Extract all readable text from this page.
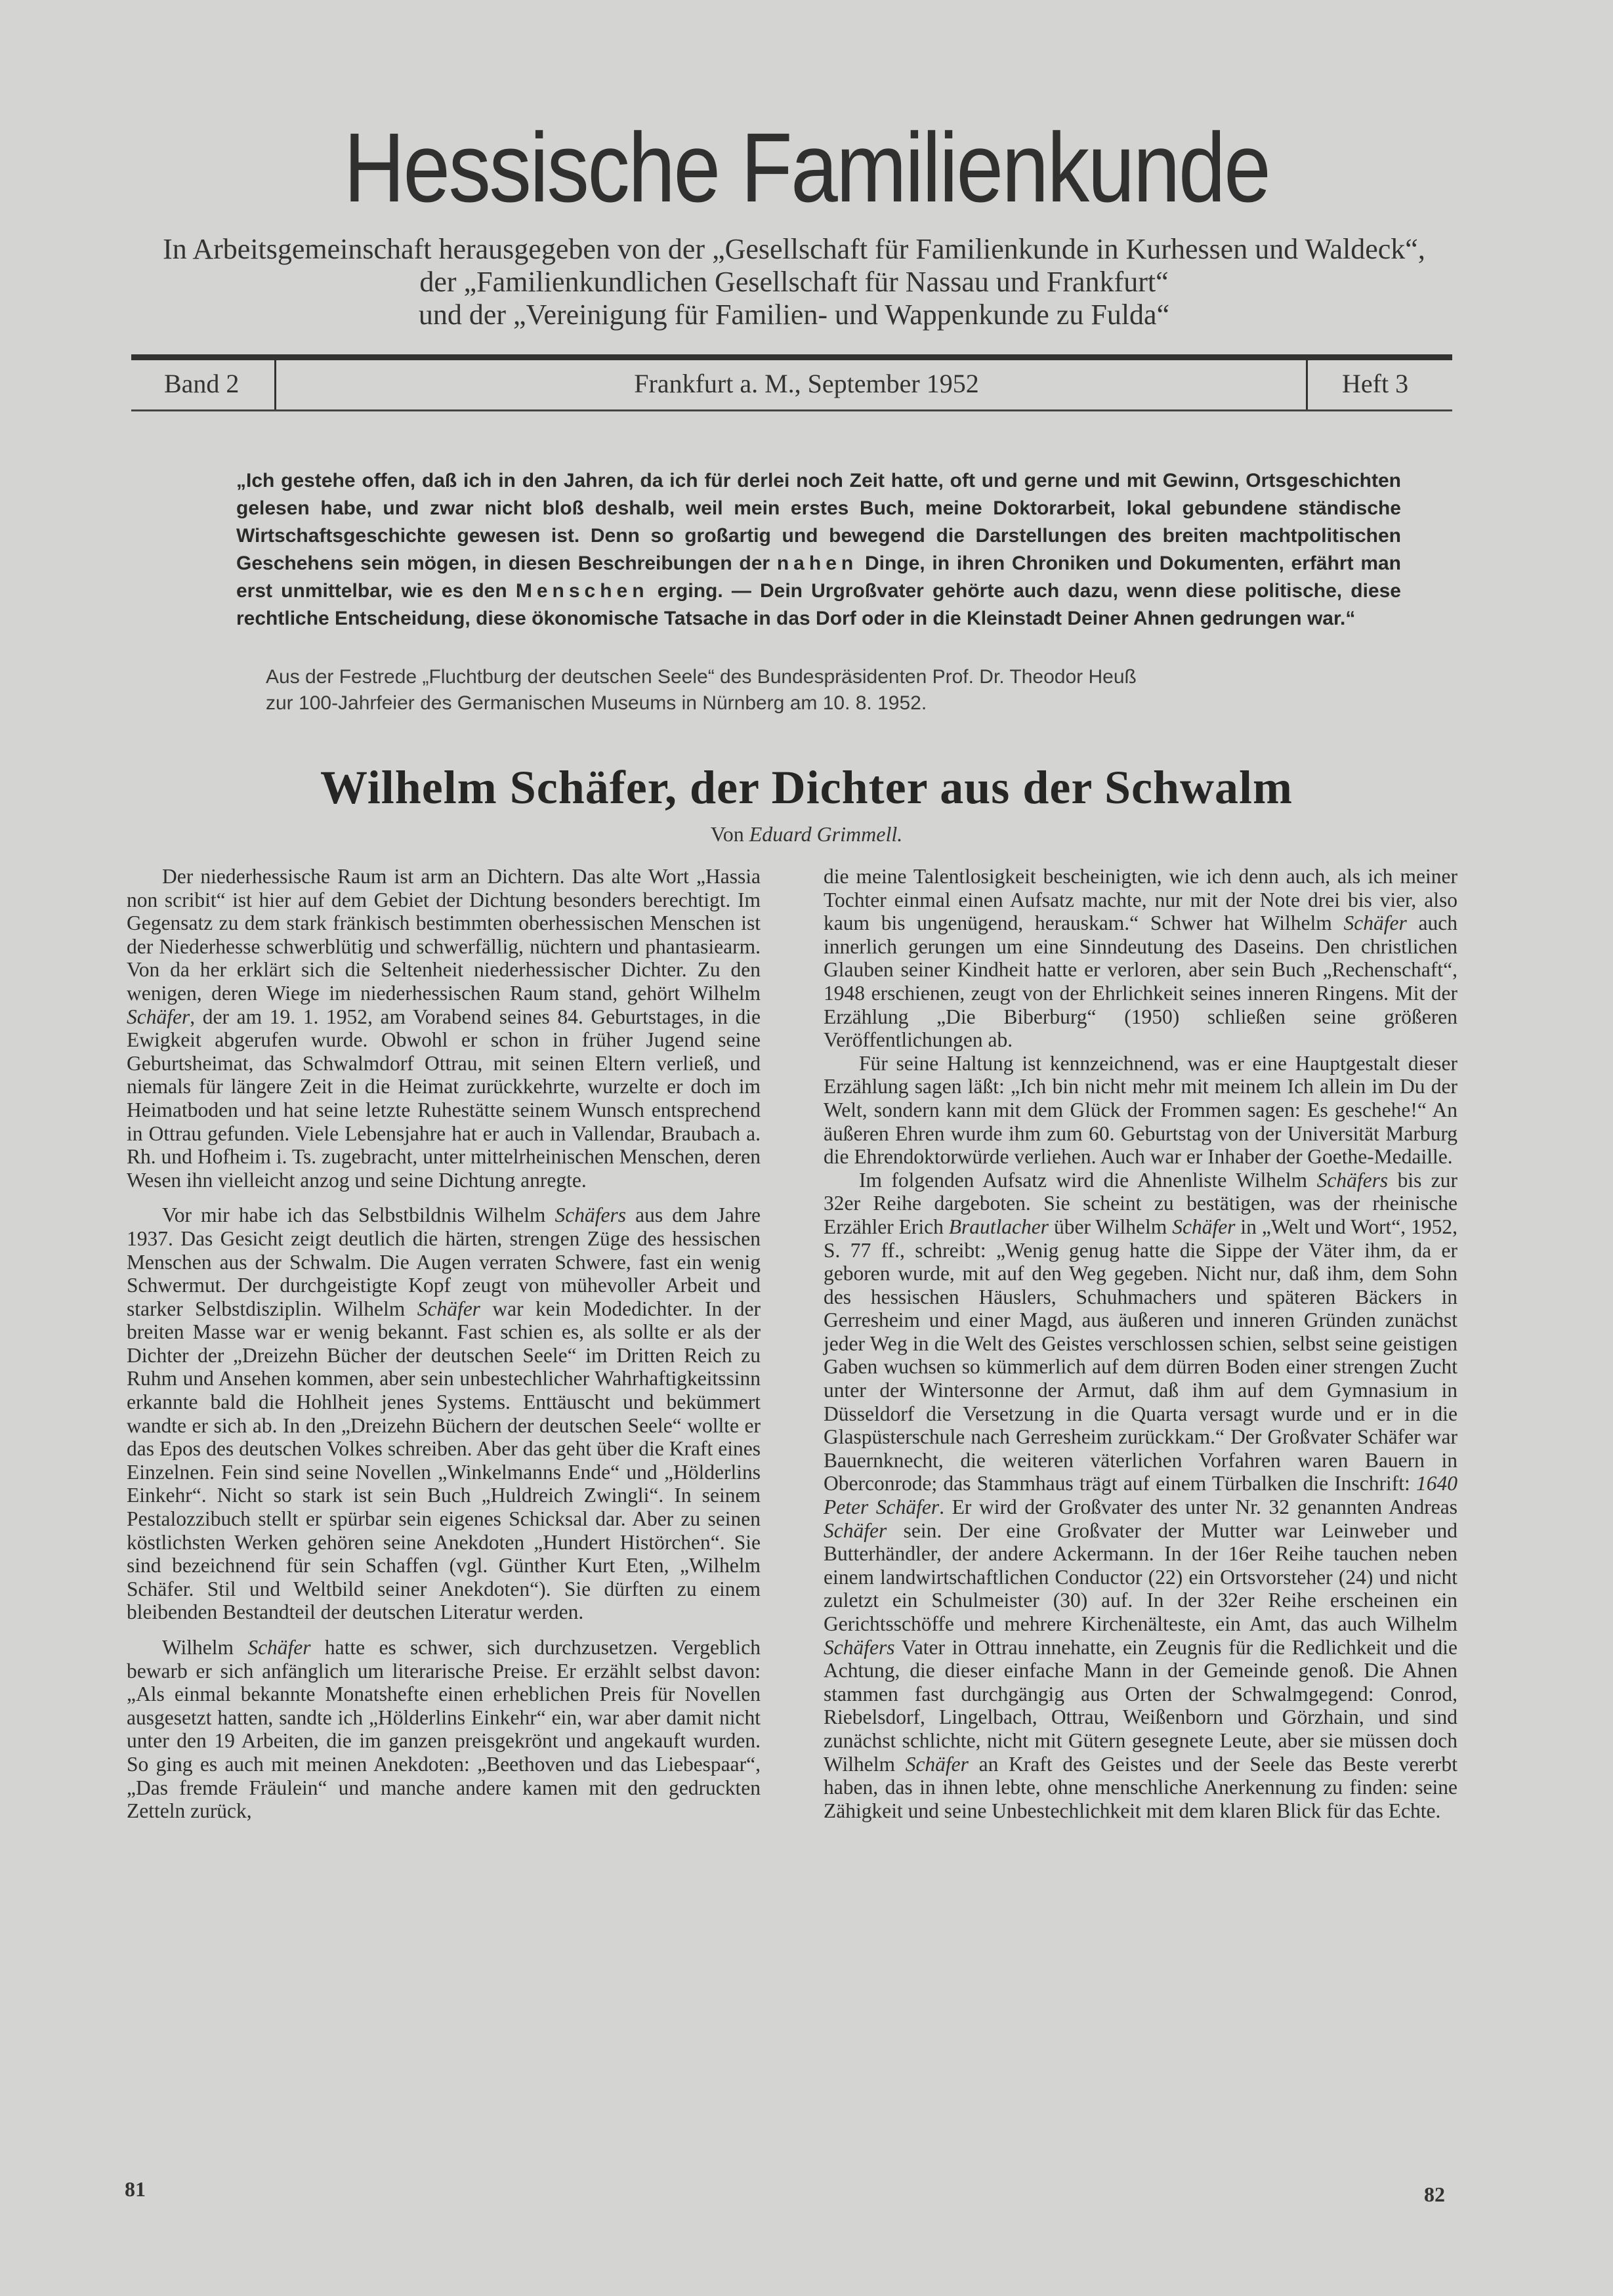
Hessische Familienkunde
In Arbeitsgemeinschaft herausgegeben von der „Gesellschaft für Familienkunde in Kurhessen und Waldeck“,
der „Familienkundlichen Gesellschaft für Nassau und Frankfurt“
und der „Vereinigung für Familien- und Wappenkunde zu Fulda“
Band 2	Frankfurt a. M., September 1952	Heft 3
„Ich gestehe offen, daß ich in den Jahren, da ich für derlei noch Zeit hatte, oft und gerne und mit Gewinn, Ortsgeschichten gelesen habe, und zwar nicht bloß deshalb, weil mein erstes Buch, meine Doktorarbeit, lokal gebundene ständische Wirtschaftsgeschichte gewesen ist. Denn so großartig und bewegend die Darstellungen des breiten machtpolitischen Geschehens sein mögen, in diesen Beschreibungen der nahen Dinge, in ihren Chroniken und Dokumenten, erfährt man erst unmittelbar, wie es den Menschen erging. — Dein Urgroßvater gehörte auch dazu, wenn diese politische, diese rechtliche Entscheidung, diese ökonomische Tatsache in das Dorf oder in die Kleinstadt Deiner Ahnen gedrungen war.“
Aus der Festrede „Fluchtburg der deutschen Seele“ des Bundespräsidenten Prof. Dr. Theodor Heuß
zur 100-Jahrfeier des Germanischen Museums in Nürnberg am 10. 8. 1952.
Wilhelm Schäfer, der Dichter aus der Schwalm
Von Eduard Grimmell.

Der niederhessische Raum ist arm an Dichtern. Das alte Wort „Hassia non scribit“ ist hier auf dem Gebiet der Dichtung besonders berechtigt. Im Gegensatz zu dem stark fränkisch bestimmten oberhessischen Menschen ist der Niederhesse schwerblütig und schwerfällig, nüchtern und phantasiearm. Von da her erklärt sich die Seltenheit niederhessischer Dichter. Zu den wenigen, deren Wiege im niederhessischen Raum stand, gehört Wilhelm Schäfer, der am 19. 1. 1952, am Vorabend seines 84. Geburtstages, in die Ewigkeit abgerufen wurde. Obwohl er schon in früher Jugend seine Geburtsheimat, das Schwalmdorf Ottrau, mit seinen Eltern verließ, und niemals für längere Zeit in die Heimat zurückkehrte, wurzelte er doch im Heimatboden und hat seine letzte Ruhestätte seinem Wunsch entsprechend in Ottrau gefunden. Viele Lebensjahre hat er auch in Vallendar, Braubach a. Rh. und Hofheim i. Ts. zugebracht, unter mittelrheinischen Menschen, deren Wesen ihn vielleicht anzog und seine Dichtung anregte.

Vor mir habe ich das Selbstbildnis Wilhelm Schäfers aus dem Jahre 1937. Das Gesicht zeigt deutlich die härten, strengen Züge des hessischen Menschen aus der Schwalm. Die Augen verraten Schwere, fast ein wenig Schwermut. Der durchgeistigte Kopf zeugt von mühevoller Arbeit und starker Selbstdisziplin. Wilhelm Schäfer war kein Modedichter. In der breiten Masse war er wenig bekannt. Fast schien es, als sollte er als der Dichter der „Dreizehn Bücher der deutschen Seele“ im Dritten Reich zu Ruhm und Ansehen kommen, aber sein unbestechlicher Wahrhaftigkeitssinn erkannte bald die Hohlheit jenes Systems. Enttäuscht und bekümmert wandte er sich ab. In den „Dreizehn Büchern der deutschen Seele“ wollte er das Epos des deutschen Volkes schreiben. Aber das geht über die Kraft eines Einzelnen. Fein sind seine Novellen „Winkelmanns Ende“ und „Hölderlins Einkehr“. Nicht so stark ist sein Buch „Huldreich Zwingli“. In seinem Pestalozzibuch stellt er spürbar sein eigenes Schicksal dar. Aber zu seinen köstlichsten Werken gehören seine Anekdoten „Hundert Histörchen“. Sie sind bezeichnend für sein Schaffen (vgl. Günther Kurt Eten, „Wilhelm Schäfer. Stil und Weltbild seiner Anekdoten“). Sie dürften zu einem bleibenden Bestandteil der deutschen Literatur werden.

Wilhelm Schäfer hatte es schwer, sich durchzusetzen. Vergeblich bewarb er sich anfänglich um literarische Preise. Er erzählt selbst davon: „Als einmal bekannte Monatshefte einen erheblichen Preis für Novellen ausgesetzt hatten, sandte ich „Hölderlins Einkehr“ ein, war aber damit nicht unter den 19 Arbeiten, die im ganzen preisgekrönt und angekauft wurden. So ging es auch mit meinen Anekdoten: „Beethoven und das Liebespaar“, „Das fremde Fräulein“ und manche andere kamen mit den gedruckten Zetteln zurück,

die meine Talentlosigkeit bescheinigten, wie ich denn auch, als ich meiner Tochter einmal einen Aufsatz machte, nur mit der Note drei bis vier, also kaum bis ungenügend, herauskam.“ Schwer hat Wilhelm Schäfer auch innerlich gerungen um eine Sinndeutung des Daseins. Den christlichen Glauben seiner Kindheit hatte er verloren, aber sein Buch „Rechenschaft“, 1948 erschienen, zeugt von der Ehrlichkeit seines inneren Ringens. Mit der Erzählung „Die Biberburg“ (1950) schließen seine größeren Veröffentlichungen ab.

Für seine Haltung ist kennzeichnend, was er eine Hauptgestalt dieser Erzählung sagen läßt: „Ich bin nicht mehr mit meinem Ich allein im Du der Welt, sondern kann mit dem Glück der Frommen sagen: Es geschehe!“ An äußeren Ehren wurde ihm zum 60. Geburtstag von der Universität Marburg die Ehrendoktorwürde verliehen. Auch war er Inhaber der Goethe-Medaille.

Im folgenden Aufsatz wird die Ahnenliste Wilhelm Schäfers bis zur 32er Reihe dargeboten. Sie scheint zu bestätigen, was der rheinische Erzähler Erich Brautlacher über Wilhelm Schäfer in „Welt und Wort“, 1952, S. 77 ff., schreibt: „Wenig genug hatte die Sippe der Väter ihm, da er geboren wurde, mit auf den Weg gegeben. Nicht nur, daß ihm, dem Sohn des hessischen Häuslers, Schuhmachers und späteren Bäckers in Gerresheim und einer Magd, aus äußeren und inneren Gründen zunächst jeder Weg in die Welt des Geistes verschlossen schien, selbst seine geistigen Gaben wuchsen so kümmerlich auf dem dürren Boden einer strengen Zucht unter der Wintersonne der Armut, daß ihm auf dem Gymnasium in Düsseldorf die Versetzung in die Quarta versagt wurde und er in die Glaspüsterschule nach Gerresheim zurückkam.“ Der Großvater Schäfer war Bauernknecht, die weiteren väterlichen Vorfahren waren Bauern in Oberconrode; das Stammhaus trägt auf einem Türbalken die Inschrift: 1640 Peter Schäfer. Er wird der Großvater des unter Nr. 32 genannten Andreas Schäfer sein. Der eine Großvater der Mutter war Leinweber und Butterhändler, der andere Ackermann. In der 16er Reihe tauchen neben einem landwirtschaftlichen Conductor (22) ein Ortsvorsteher (24) und nicht zuletzt ein Schulmeister (30) auf. In der 32er Reihe erscheinen ein Gerichtsschöffe und mehrere Kirchenälteste, ein Amt, das auch Wilhelm Schäfers Vater in Ottrau innehatte, ein Zeugnis für die Redlichkeit und die Achtung, die dieser einfache Mann in der Gemeinde genoß. Die Ahnen stammen fast durchgängig aus Orten der Schwalmgegend: Conrod, Riebelsdorf, Lingelbach, Ottrau, Weißenborn und Görzhain, und sind zunächst schlichte, nicht mit Gütern gesegnete Leute, aber sie müssen doch Wilhelm Schäfer an Kraft des Geistes und der Seele das Beste vererbt haben, das in ihnen lebte, ohne menschliche Anerkennung zu finden: seine Zähigkeit und seine Unbestechlichkeit mit dem klaren Blick für das Echte.

81	82
